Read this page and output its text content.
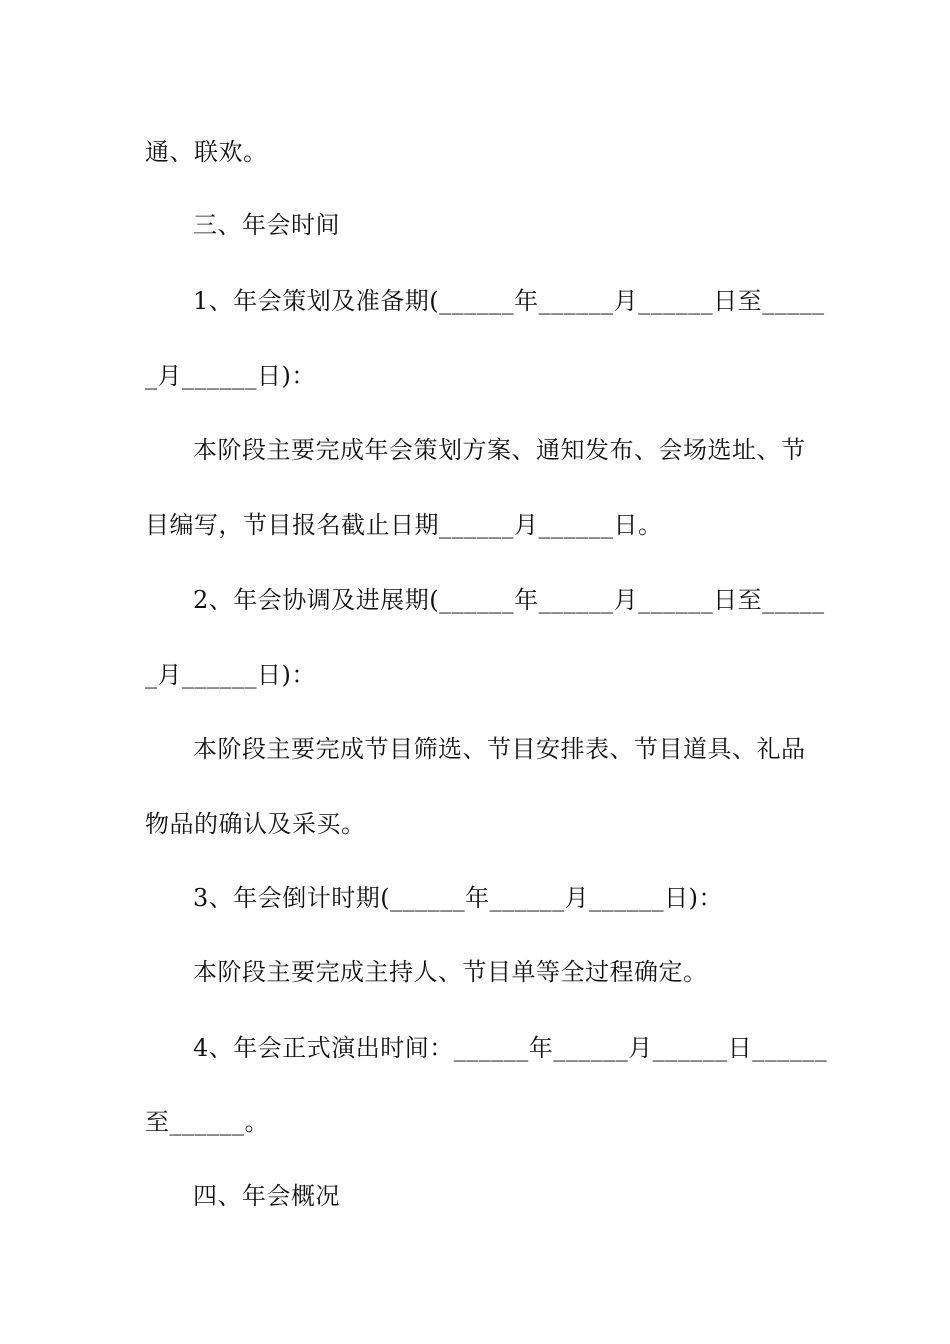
通、联欢。
三、年会时间
1、年会策划及准备期(______年______月______日至_____
_月______日)：
本阶段主要完成年会策划方案、通知发布、会场选址、节
目编写，节目报名截止日期______月______日。
2、年会协调及进展期(______年______月______日至_____
_月______日)：
本阶段主要完成节目筛选、节目安排表、节目道具、礼品
物品的确认及采买。
3、年会倒计时期(______年______月______日)：
本阶段主要完成主持人、节目单等全过程确定。
4、年会正式演出时间：______年______月______日______
至______。
四、年会概况
